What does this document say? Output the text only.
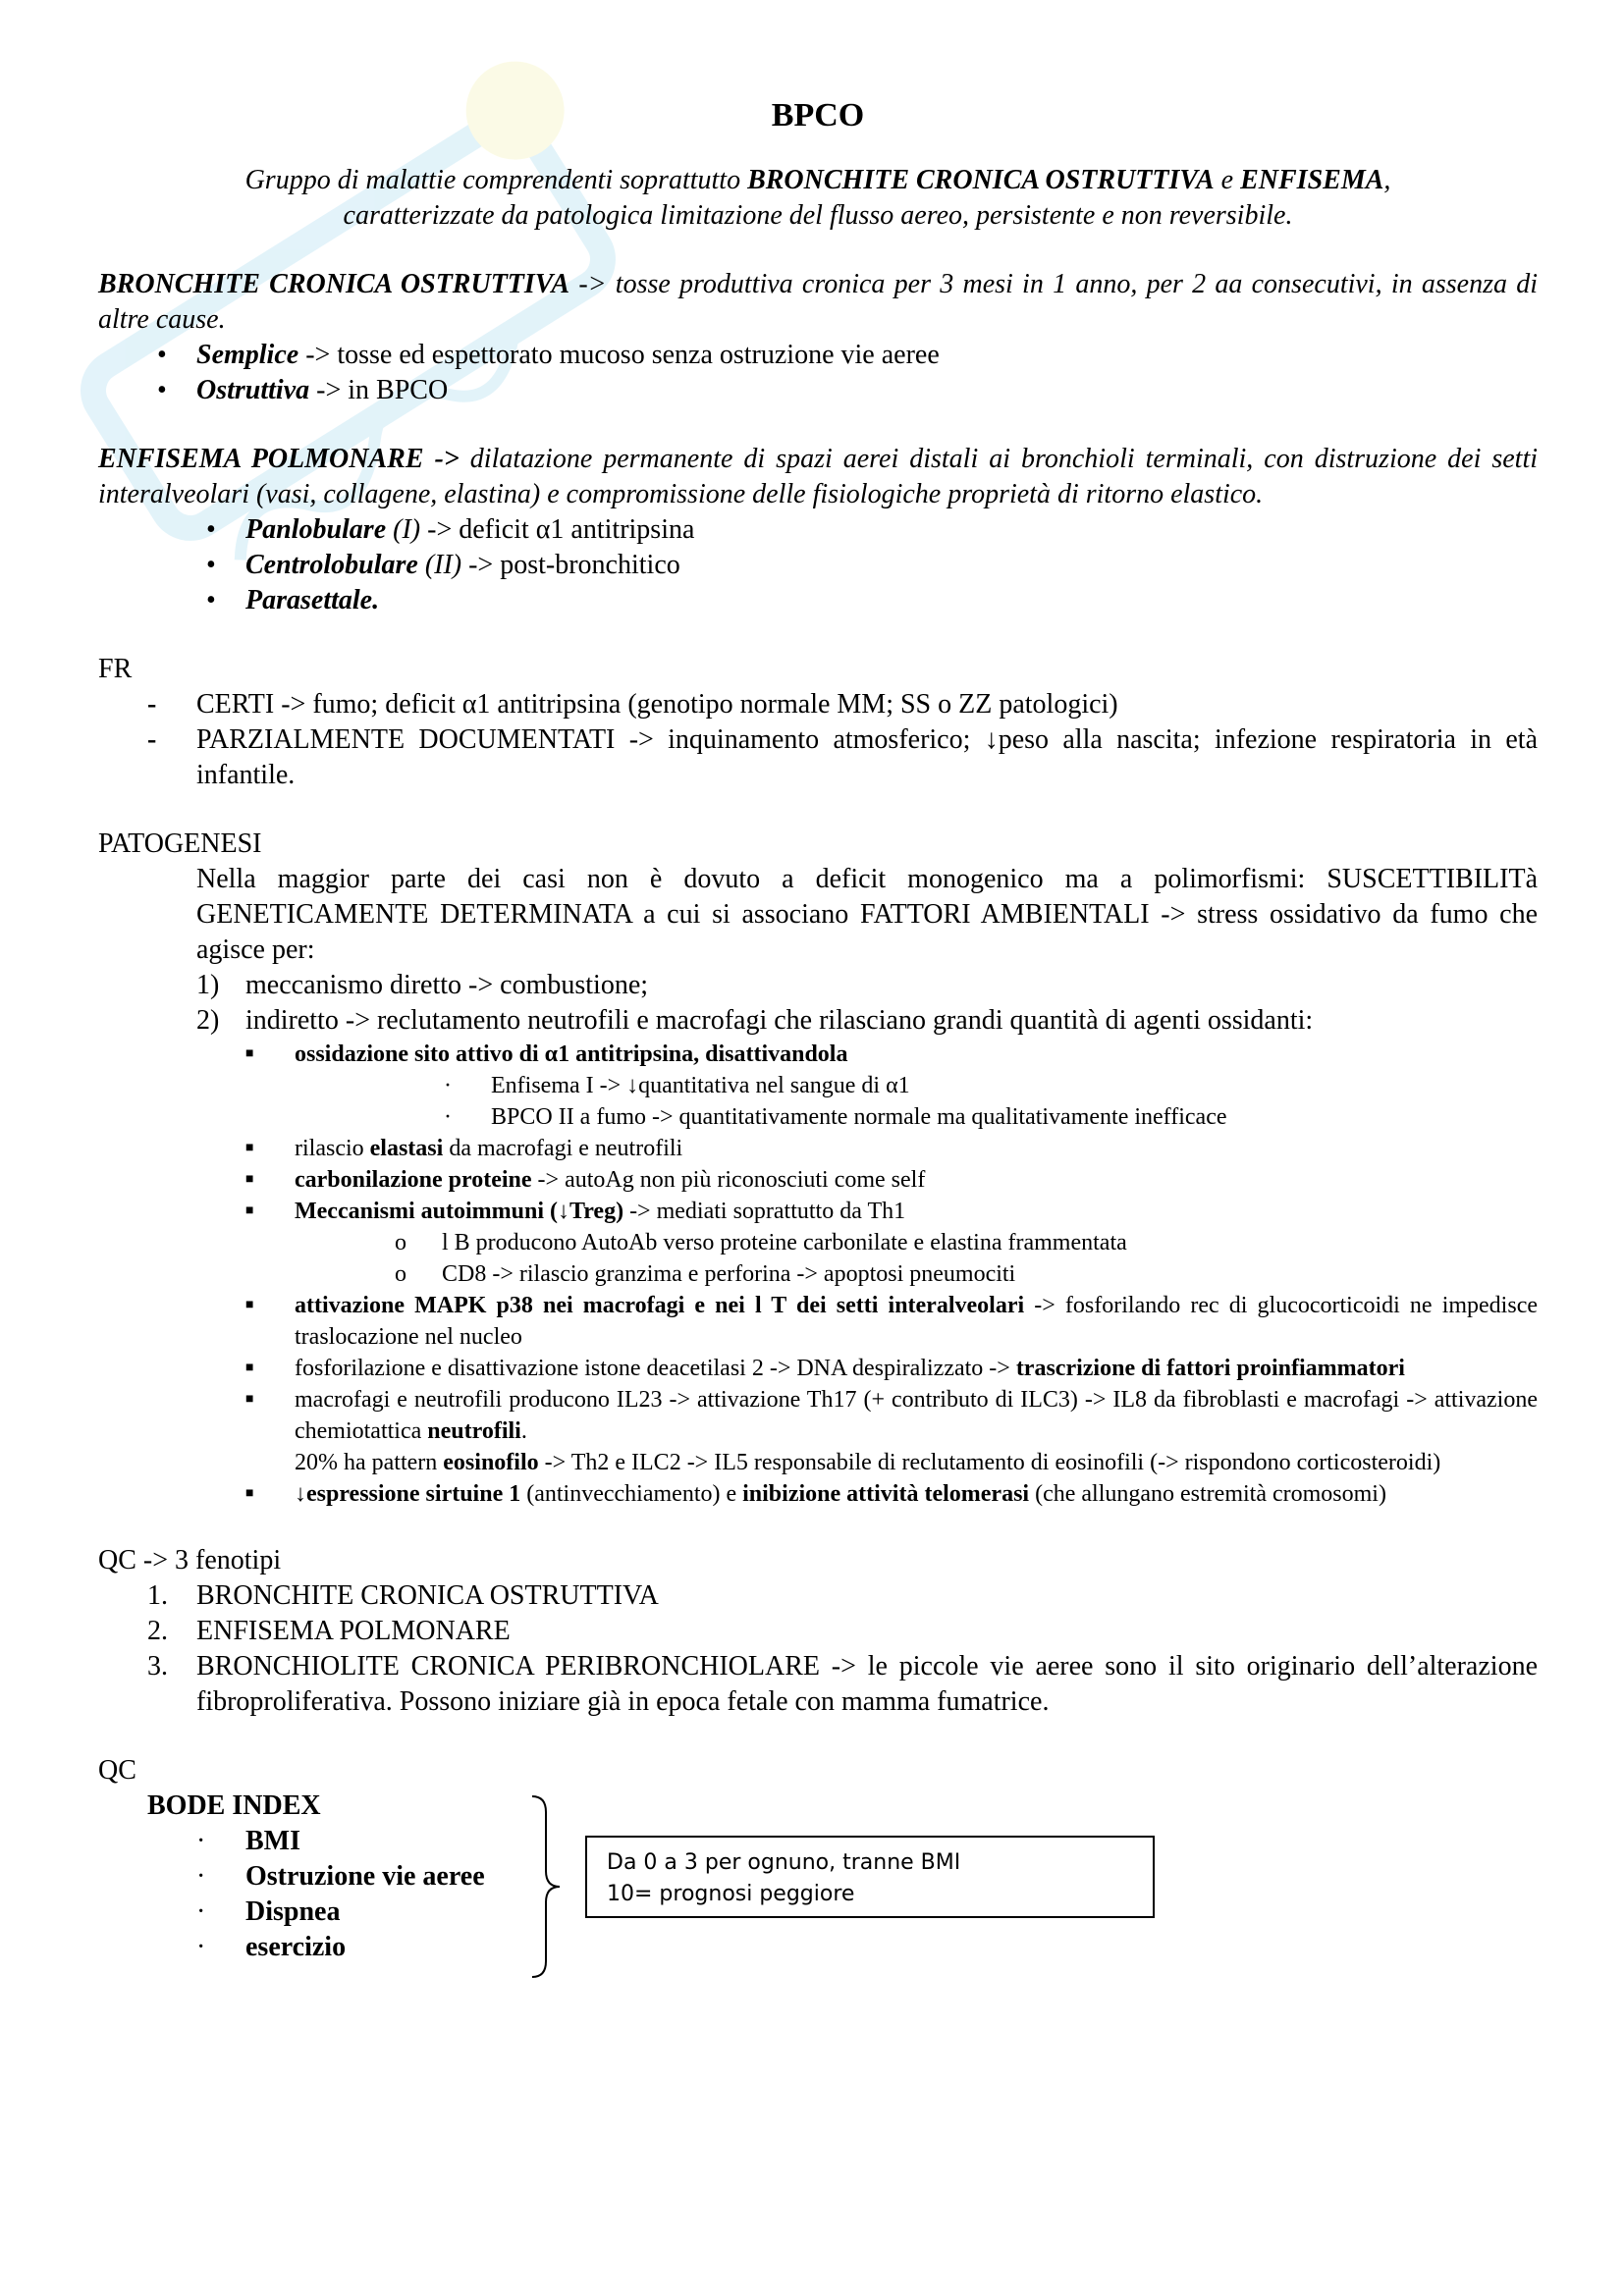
BPCO
Gruppo di malattie comprendenti soprattutto BRONCHITE CRONICA OSTRUTTIVA e ENFISEMA,
caratterizzate da patologica limitazione del flusso aereo, persistente e non reversibile.

BRONCHITE CRONICA OSTRUTTIVA -> tosse produttiva cronica per 3 mesi in 1 anno, per 2 aa consecutivi, in assenza di altre cause.

• Semplice -> tosse ed espettorato mucoso senza ostruzione vie aeree
• Ostruttiva -> in BPCO

ENFISEMA POLMONARE -> dilatazione permanente di spazi aerei distali ai bronchioli terminali, con distruzione dei setti interalveolari (vasi, collagene, elastina) e compromissione delle fisiologiche proprietà di ritorno elastico.

• Panlobulare (I) -> deficit α1 antitripsina
• Centrolobulare (II) -> post-bronchitico
• Parasettale.
FR
- CERTI -> fumo; deficit α1 antitripsina (genotipo normale MM; SS o ZZ patologici)
- PARZIALMENTE DOCUMENTATI -> inquinamento atmosferico; ↓peso alla nascita; infezione respiratoria in età infantile.
PATOGENESI
Nella maggior parte dei casi non è dovuto a deficit monogenico ma a polimorfismi: SUSCETTIBILITà GENETICAMENTE DETERMINATA a cui si associano FATTORI AMBIENTALI -> stress ossidativo da fumo che agisce per:
1) meccanismo diretto -> combustione;
2) indiretto -> reclutamento neutrofili e macrofagi che rilasciano grandi quantità di agenti ossidanti:
■ ossidazione sito attivo di α1 antitripsina, disattivandola
· Enfisema I -> ↓quantitativa nel sangue di α1
· BPCO II a fumo -> quantitativamente normale ma qualitativamente inefficace
■ rilascio elastasi da macrofagi e neutrofili
■ carbonilazione proteine -> autoAg non più riconosciuti come self
■ Meccanismi autoimmuni (↓Treg) -> mediati soprattutto da Th1
o l B producono AutoAb verso proteine carbonilate e elastina frammentata
o CD8 -> rilascio granzima e perforina -> apoptosi pneumociti
■ attivazione MAPK p38 nei macrofagi e nei l T dei setti interalveolari -> fosforilando rec di glucocorticoidi ne impedisce traslocazione nel nucleo
■ fosforilazione e disattivazione istone deacetilasi 2 -> DNA despiralizzato -> trascrizione di fattori proinfiammatori
■ macrofagi e neutrofili producono IL23 -> attivazione Th17 (+ contributo di ILC3) -> IL8 da fibroblasti e macrofagi -> attivazione chemiotattica neutrofili.
20% ha pattern eosinofilo -> Th2 e ILC2 -> IL5 responsabile di reclutamento di eosinofili (-> rispondono corticosteroidi)
■ ↓espressione sirtuine 1 (antinvecchiamento) e inibizione attività telomerasi (che allungano estremità cromosomi)
QC -> 3 fenotipi
1. BRONCHITE CRONICA OSTRUTTIVA
2. ENFISEMA POLMONARE
3. BRONCHIOLITE CRONICA PERIBRONCHIOLARE -> le piccole vie aeree sono il sito originario dell’alterazione fibroproliferativa. Possono iniziare già in epoca fetale con mamma fumatrice.
QC
BODE INDEX
· BMI
· Ostruzione vie aeree
· Dispnea
· esercizio
Da 0 a 3 per ognuno, tranne BMI
10= prognosi peggiore
